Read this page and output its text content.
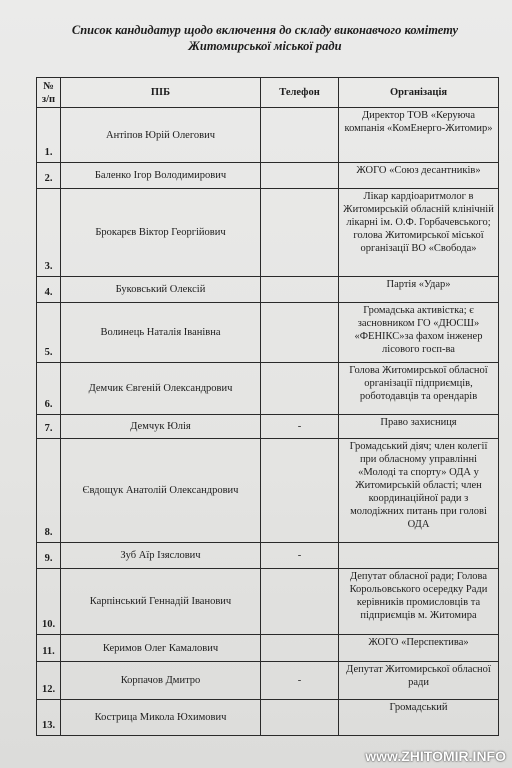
Список кандидатур щодо включення до складу виконавчого комітету
Житомирської міської ради
№ з/п	ПІБ	Телефон	Організація
1.	Антіпов Юрій Олегович		Директор ТОВ «Керуюча компанія «КомЕнерго-Житомир»
2.	Баленко Ігор Володимирович		ЖОГО «Союз десантників»
3.	Брокарєв Віктор Георгійович		Лікар кардіоаритмолог в Житомирській обласній клінічній лікарні ім. О.Ф. Горбачевського; голова Житомирської міської організації ВО «Свобода»
4.	Буковський Олексій		Партія «Удар»
5.	Волинець Наталія Іванівна		Громадська активістка; є засновником ГО «ДЮСШ» «ФЕНІКС»за фахом інженер лісового госп-ва
6.	Демчик Євгеній Олександрович		Голова Житомирської обласної організації підприємців, роботодавців та орендарів
7.	Демчук Юлія	-	Право захисниця
8.	Євдощук Анатолій Олександрович		Громадський діяч; член колегії при обласному управлінні «Молоді та спорту» ОДА у Житомирській області; член координаційної ради з молодіжних питань при голові ОДА
9.	Зуб Аїр Ізяслович	-	
10.	Карпінський Геннадій Іванович		Депутат обласної ради; Голова Корольовського осередку Ради керівників промисловців та підприємців м. Житомира
11.	Керимов Олег Камалович		ЖОГО «Перспектива»
12.	Корпачов Дмитро	-	Депутат Житомирської обласної ради
13.	Кострица Микола Юхимович		Громадський
www.ZHITOMIR.INFO
